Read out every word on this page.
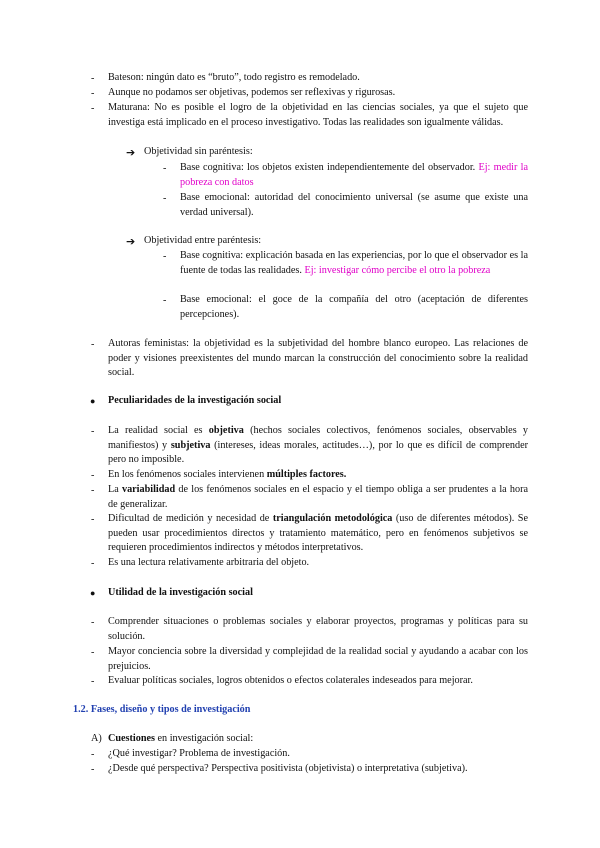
- Bateson: ningún dato es “bruto”, todo registro es remodelado.
- Aunque no podamos ser objetivas, podemos ser reflexivas y rigurosas.
- Maturana: No es posible el logro de la objetividad en las ciencias sociales, ya que el sujeto que investiga está implicado en el proceso investigativo. Todas las realidades son igualmente válidas.
➔ Objetividad sin paréntesis:
- Base cognitiva: los objetos existen independientemente del observador. Ej: medir la pobreza con datos
- Base emocional: autoridad del conocimiento universal (se asume que existe una verdad universal).
➔ Objetividad entre paréntesis:
- Base cognitiva: explicación basada en las experiencias, por lo que el observador es la fuente de todas las realidades. Ej: investigar cómo percibe el otro la pobreza
- Base emocional: el goce de la compañía del otro (aceptación de diferentes percepciones).
- Autoras feministas: la objetividad es la subjetividad del hombre blanco europeo. Las relaciones de poder y visiones preexistentes del mundo marcan la construcción del conocimiento sobre la realidad social.
● Peculiaridades de la investigación social
- La realidad social es objetiva (hechos sociales colectivos, fenómenos sociales, observables y manifiestos) y subjetiva (intereses, ideas morales, actitudes…), por lo que es difícil de comprender pero no imposible.
- En los fenómenos sociales intervienen múltiples factores.
- La variabilidad de los fenómenos sociales en el espacio y el tiempo obliga a ser prudentes a la hora de generalizar.
- Dificultad de medición y necesidad de triangulación metodológica (uso de diferentes métodos). Se pueden usar procedimientos directos y tratamiento matemático, pero en fenómenos subjetivos se requieren procedimientos indirectos y métodos interpretativos.
- Es una lectura relativamente arbitraria del objeto.
● Utilidad de la investigación social
- Comprender situaciones o problemas sociales y elaborar proyectos, programas y políticas para su solución.
- Mayor conciencia sobre la diversidad y complejidad de la realidad social y ayudando a acabar con los prejuicios.
- Evaluar políticas sociales, logros obtenidos o efectos colaterales indeseados para mejorar.
1.2. Fases, diseño y tipos de investigación
A) Cuestiones en investigación social:
- ¿Qué investigar? Problema de investigación.
- ¿Desde qué perspectiva? Perspectiva positivista (objetivista) o interpretativa (subjetiva).
